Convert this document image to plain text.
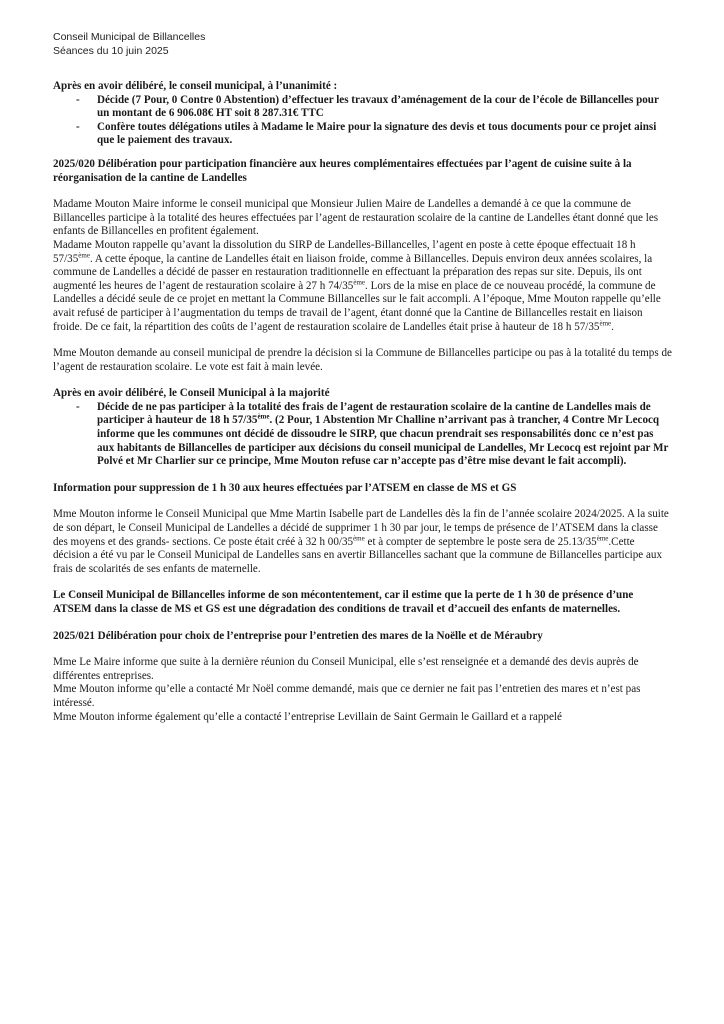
Conseil Municipal de Billancelles
Séances du 10 juin 2025

Après en avoir délibéré, le conseil municipal, à l’unanimité :

- Décide (7 Pour, 0 Contre 0 Abstention) d’effectuer les travaux d’aménagement de la cour de l’école de Billancelles pour un montant de 6 906.08€ HT soit 8 287.31€ TTC
- Confère toutes délégations utiles à Madame le Maire pour la signature des devis et tous documents pour ce projet ainsi que le paiement des travaux.

2025/020 Délibération pour participation financière aux heures complémentaires effectuées par l’agent de cuisine suite à la réorganisation de la cantine de Landelles

Madame Mouton Maire informe le conseil municipal que Monsieur Julien Maire de Landelles a demandé à ce que la commune de Billancelles participe à la totalité des heures effectuées par l’agent de restauration scolaire de la cantine de Landelles étant donné que les enfants de Billancelles en profitent également.

Madame Mouton rappelle qu’avant la dissolution du SIRP de Landelles-Billancelles, l’agent en poste à cette époque effectuait 18 h 57/35ème. A cette époque, la cantine de Landelles était en liaison froide, comme à Billancelles. Depuis environ deux années scolaires, la commune de Landelles a décidé de passer en restauration traditionnelle en effectuant la préparation des repas sur site. Depuis, ils ont augmenté les heures de l’agent de restauration scolaire à 27 h 74/35ème. Lors de la mise en place de ce nouveau procédé, la commune de Landelles a décidé seule de ce projet en mettant la Commune Billancelles sur le fait accompli. A l’époque, Mme Mouton rappelle qu’elle avait refusé de participer à l’augmentation du temps de travail de l’agent, étant donné que la Cantine de Billancelles restait en liaison froide. De ce fait, la répartition des coûts de l’agent de restauration scolaire de Landelles était prise à hauteur de 18 h 57/35ème.

Mme Mouton demande au conseil municipal de prendre la décision si la Commune de Billancelles participe ou pas à la totalité du temps de l’agent de restauration scolaire. Le vote est fait à main levée.

Après en avoir délibéré, le Conseil Municipal à la majorité

- Décide de ne pas participer à la totalité des frais de l’agent de restauration scolaire de la cantine de Landelles mais de participer à hauteur de 18 h 57/35ème. (2 Pour, 1 Abstention Mr Challine n’arrivant pas à trancher, 4 Contre Mr Lecocq informe que les communes ont décidé de dissoudre le SIRP, que chacun prendrait ses responsabilités donc ce n’est pas aux habitants de Billancelles de participer aux décisions du conseil municipal de Landelles, Mr Lecocq est rejoint par Mr Polvé et Mr Charlier sur ce principe, Mme Mouton refuse car n’accepte pas d’être mise devant le fait accompli).

Information pour suppression de 1 h 30 aux heures effectuées par l’ATSEM en classe de MS et GS

Mme Mouton informe le Conseil Municipal que Mme Martin Isabelle part de Landelles dès la fin de l’année scolaire 2024/2025. A la suite de son départ, le Conseil Municipal de Landelles a décidé de supprimer 1 h 30 par jour, le temps de présence de l’ATSEM dans la classe des moyens et des grands- sections. Ce poste était créé à 32 h 00/35ème et à compter de septembre le poste sera de 25.13/35ème.Cette décision a été vu par le Conseil Municipal de Landelles sans en avertir Billancelles sachant que la commune de Billancelles participe aux frais de scolarités de ses enfants de maternelle.

Le Conseil Municipal de Billancelles informe de son mécontentement, car il estime que la perte de 1 h 30 de présence d’une ATSEM dans la classe de MS et GS est une dégradation des conditions de travail et d’accueil des enfants de maternelles.

2025/021 Délibération pour choix de l’entreprise pour l’entretien des mares de la Noëlle et de Méraubry

Mme Le Maire informe que suite à la dernière réunion du Conseil Municipal, elle s’est renseignée et a demandé des devis auprès de différentes entreprises.

Mme Mouton informe qu’elle a contacté Mr Noël comme demandé, mais que ce dernier ne fait pas l’entretien des mares et n’est pas intéressé.

Mme Mouton informe également qu’elle a contacté l’entreprise Levillain de Saint Germain le Gaillard et a rappelé
